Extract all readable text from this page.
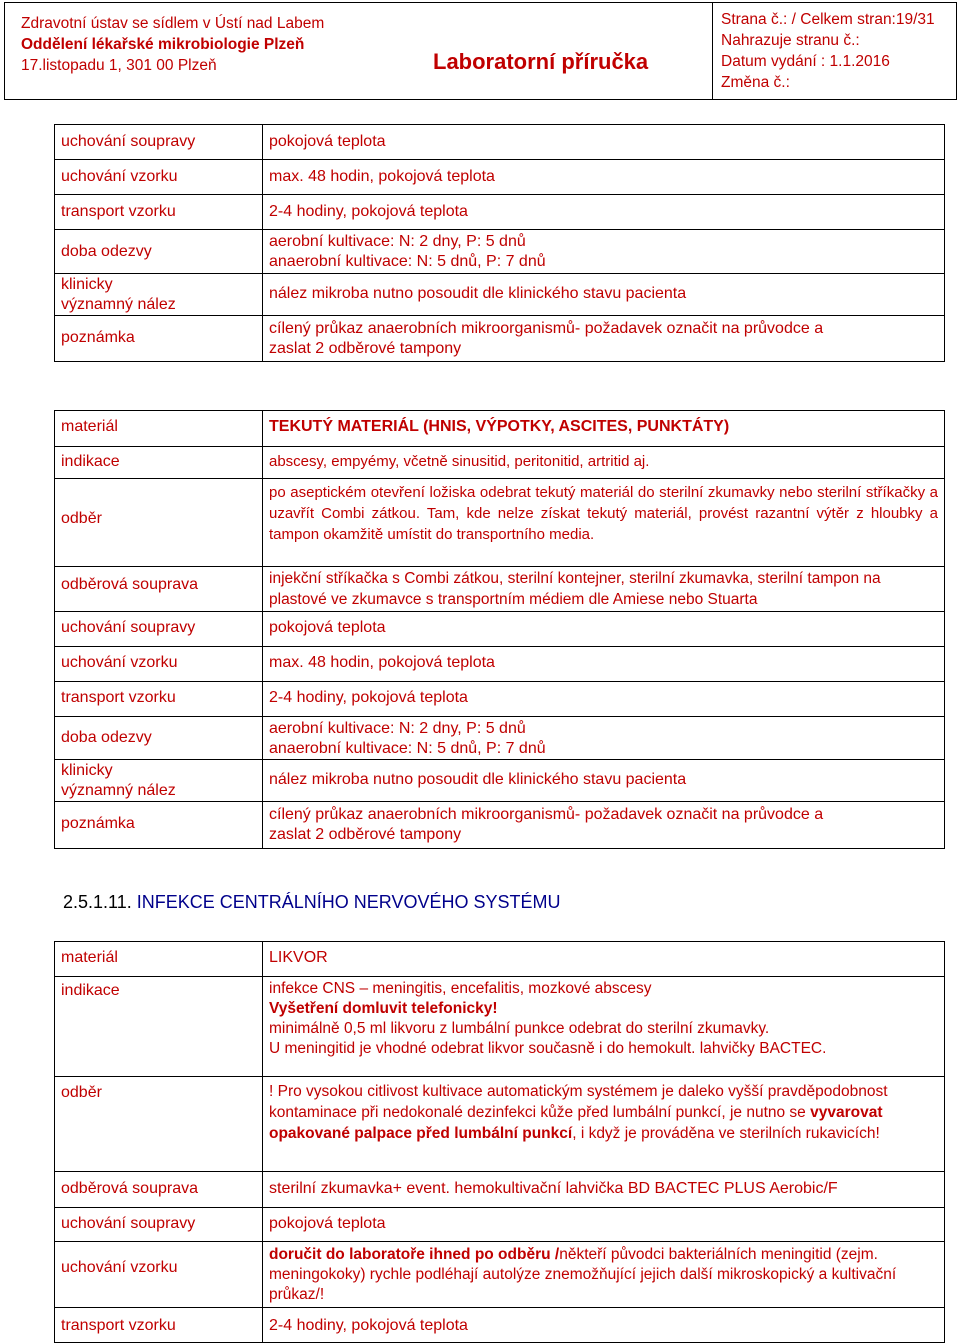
Zdravotní ústav se sídlem v Ústí nad Labem
Oddělení lékařské mikrobiologie Plzeň
17.listopadu 1, 301 00 Plzeň	Laboratorní příručka
Strana č.: / Celkem stran:19/31
Nahrazuje stranu č.:
Datum vydání : 1.1.2016
Změna č.:
uchování soupravy	pokojová teplota
uchování vzorku	max. 48 hodin, pokojová teplota
transport vzorku	2-4 hodiny, pokojová teplota
doba odezvy	aerobní kultivace: N: 2 dny, P: 5 dnů
anaerobní kultivace: N: 5 dnů, P: 7 dnů

klinicky
významný nález	nález mikroba nutno posoudit dle klinického stavu pacienta
poznámka	cílený průkaz anaerobních mikroorganismů- požadavek označit na průvodce a
zaslat 2 odběrové tampony
materiál	TEKUTÝ MATERIÁL (HNIS, VÝPOTKY, ASCITES, PUNKTÁTY)
indikace	abscesy, empyémy, včetně sinusitid, peritonitid, artritid aj.
odběr	po aseptickém otevření ložiska odebrat tekutý materiál do sterilní zkumavky nebo sterilní stříkačky a uzavřít Combi zátkou. Tam, kde nelze získat tekutý materiál, provést razantní výtěr z hloubky a tampon okamžitě umístit do transportního media.
odběrová souprava	injekční stříkačka s Combi zátkou, sterilní kontejner, sterilní zkumavka, sterilní tampon na plastové ve zkumavce s transportním médiem dle Amiese nebo Stuarta
uchování soupravy	pokojová teplota
uchování vzorku	max. 48 hodin, pokojová teplota
transport vzorku	2-4 hodiny, pokojová teplota
doba odezvy	aerobní kultivace: N: 2 dny, P: 5 dnů
anaerobní kultivace: N: 5 dnů, P: 7 dnů

klinicky
významný nález	nález mikroba nutno posoudit dle klinického stavu pacienta
poznámka	cílený průkaz anaerobních mikroorganismů- požadavek označit na průvodce a
zaslat 2 odběrové tampony
2.5.1.11. INFEKCE CENTRÁLNÍHO NERVOVÉHO SYSTÉMU
materiál	LIKVOR
indikace	infekce CNS – meningitis, encefalitis, mozkové abscesy
Vyšetření domluvit telefonicky!
minimálně 0,5 ml likvoru z lumbální punkce odebrat do sterilní zkumavky.
U meningitid je vhodné odebrat likvor současně i do hemokult. lahvičky BACTEC.

odběr	! Pro vysokou citlivost kultivace automatickým systémem je daleko vyšší pravděpodobnost kontaminace při nedokonalé dezinfekci kůže před lumbální punkcí, je nutno se vyvarovat opakované palpace před lumbální punkcí, i když je prováděna ve sterilních rukavicích!
odběrová souprava	sterilní zkumavka+ event. hemokultivační lahvička BD BACTEC PLUS Aerobic/F
uchování soupravy	pokojová teplota
uchování vzorku	doručit do laboratoře ihned po odběru /někteří původci bakteriálních meningitid (zejm. meningokoky) rychle podléhají autolýze znemožňující jejich další mikroskopický a kultivační průkaz/!
transport vzorku	2-4 hodiny, pokojová teplota
